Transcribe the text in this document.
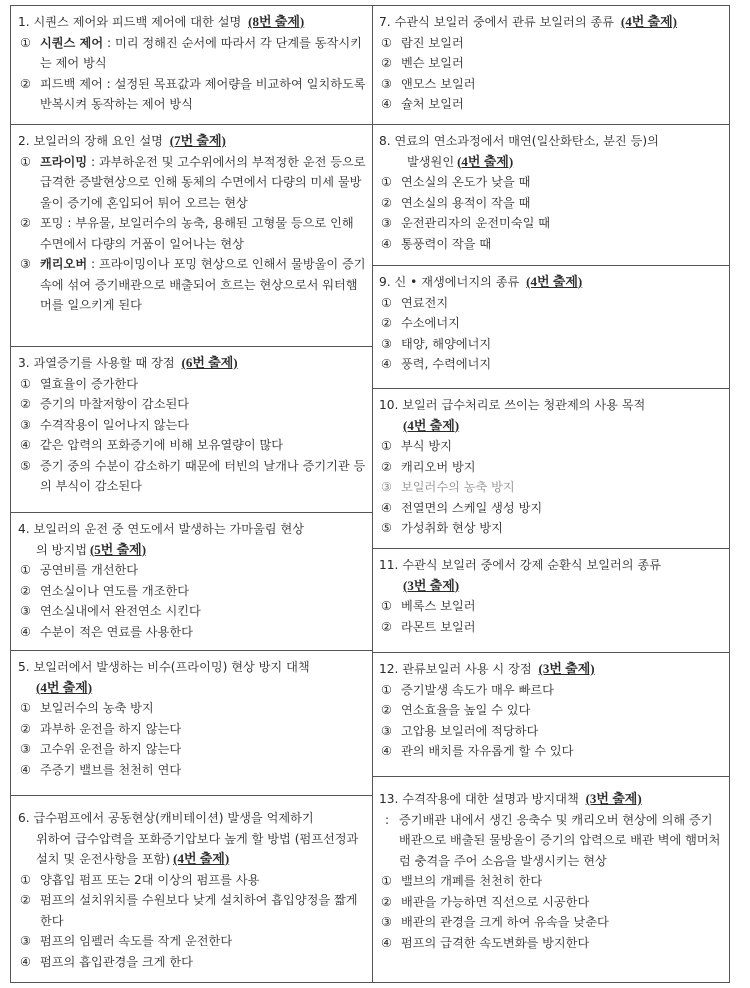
1. 시퀀스 제어와 피드백 제어에 대한 설명 (8번 출제)

① 시퀀스 제어 : 미리 정해진 순서에 따라서 각 단계를 동작시키는 제어 방식
② 피드백 제어 : 설정된 목표값과 제어량을 비교하여 일치하도록 반복시켜 동작하는 제어 방식

2. 보일러의 장해 요인 설명 (7번 출제)

① 프라이밍 : 과부하운전 및 고수위에서의 부적정한 운전 등으로 급격한 증발현상으로 인해 동체의 수면에서 다량의 미세 물방울이 증기에 혼입되어 튀어 오르는 현상
② 포밍 : 부유물, 보일러수의 농축, 용해된 고형물 등으로 인해 수면에서 다량의 거품이 일어나는 현상
③ 캐리오버 : 프라이밍이나 포밍 현상으로 인해서 물방울이 증기 속에 섞여 증기배관으로 배출되어 흐르는 현상으로서 워터햄머를 일으키게 된다

3. 과열증기를 사용할 때 장점 (6번 출제)

① 열효율이 증가한다
② 증기의 마찰저항이 감소된다
③ 수격작용이 일어나지 않는다
④ 같은 압력의 포화증기에 비해 보유열량이 많다
⑤ 증기 중의 수분이 감소하기 때문에 터빈의 날개나 증기기관 등의 부식이 감소된다

4. 보일러의 운전 중 연도에서 발생하는 가마울림 현상
의 방지법 (5번 출제)

① 공연비를 개선한다
② 연소실이나 연도를 개조한다
③ 연소실내에서 완전연소 시킨다
④ 수분이 적은 연료를 사용한다

5. 보일러에서 발생하는 비수(프라이밍) 현상 방지 대책
(4번 출제)

① 보일러수의 농축 방지
② 과부하 운전을 하지 않는다
③ 고수위 운전을 하지 않는다
④ 주증기 밸브를 천천히 연다

6. 급수펌프에서 공동현상(캐비테이션) 발생을 억제하기
위하여 급수압력을 포화증기압보다 높게 할 방법 (펌프선정과 설치 및 운전사항을 포함) (4번 출제)

① 양흡입 펌프 또는 2대 이상의 펌프를 사용
② 펌프의 설치위치를 수원보다 낮게 설치하여 흡입양정을 짧게 한다
③ 펌프의 임펠러 속도를 작게 운전한다
④ 펌프의 흡입관경을 크게 한다

7. 수관식 보일러 중에서 관류 보일러의 종류 (4번 출제)

① 람진 보일러
② 벤슨 보일러
③ 앤모스 보일러
④ 슐처 보일러

8. 연료의 연소과정에서 매연(일산화탄소, 분진 등)의
발생원인 (4번 출제)

① 연소실의 온도가 낮을 때
② 연소실의 용적이 작을 때
③ 운전관리자의 운전미숙일 때
④ 통풍력이 작을 때

9. 신 • 재생에너지의 종류 (4번 출제)

① 연료전지
② 수소에너지
③ 태양, 해양에너지
④ 풍력, 수력에너지

10. 보일러 급수처리로 쓰이는 청관제의 사용 목적
(4번 출제)

① 부식 방지
② 캐리오버 방지
③ 보일러수의 농축 방지
④ 전열면의 스케일 생성 방지
⑤ 가성취화 현상 방지

11. 수관식 보일러 중에서 강제 순환식 보일러의 종류
(3번 출제)

① 베록스 보일러
② 라몬트 보일러

12. 관류보일러 사용 시 장점 (3번 출제)

① 증기발생 속도가 매우 빠르다
② 연소효율을 높일 수 있다
③ 고압용 보일러에 적당하다
④ 관의 배치를 자유롭게 할 수 있다

13. 수격작용에 대한 설명과 방지대책 (3번 출제)

: 증기배관 내에서 생긴 응축수 및 캐리오버 현상에 의해 증기배관으로 배출된 물방울이 증기의 압력으로 배관 벽에 햄머처럼 충격을 주어 소음을 발생시키는 현상
① 밸브의 개폐를 천천히 한다
② 배관을 가능하면 직선으로 시공한다
③ 배관의 관경을 크게 하여 유속을 낮춘다
④ 펌프의 급격한 속도변화를 방지한다
